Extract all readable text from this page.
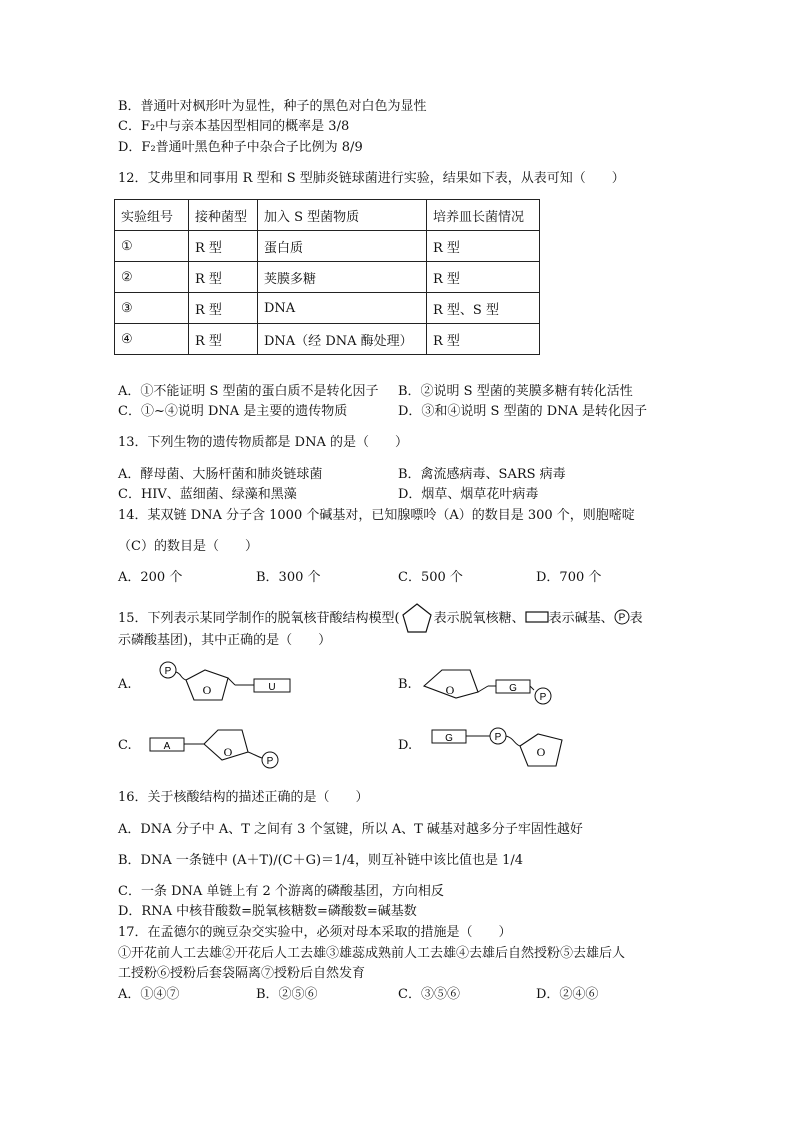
B．普通叶对枫形叶为显性，种子的黑色对白色为显性
C．F₂中与亲本基因型相同的概率是 3/8
D．F₂普通叶黑色种子中杂合子比例为 8/9
12．艾弗里和同事用 R 型和 S 型肺炎链球菌进行实验，结果如下表，从表可知（　　）
实验组号	接种菌型	加入 S 型菌物质	培养皿长菌情况
①	R 型	蛋白质	R 型
②	R 型	荚膜多糖	R 型
③	R 型	DNA	R 型、S 型
④	R 型	DNA（经 DNA 酶处理）	R 型
A．①不能证明 S 型菌的蛋白质不是转化因子 B．②说明 S 型菌的荚膜多糖有转化活性
C．①~④说明 DNA 是主要的遗传物质	D．③和④说明 S 型菌的 DNA 是转化因子
13．下列生物的遗传物质都是 DNA 的是（　　）
A．酵母菌、大肠杆菌和肺炎链球菌	B．禽流感病毒、SARS 病毒
C．HIV、蓝细菌、绿藻和黑藻	D．烟草、烟草花叶病毒
14．某双链 DNA 分子含 1000 个碱基对，已知腺嘌呤（A）的数目是 300 个，则胞嘧啶
（C）的数目是（　　）
A．200 个	B．300 个	C．500 个	D．700 个
15．下列表示某同学制作的脱氧核苷酸结构模型(	表示脱氧核糖、 表示碱基、 P 表
示磷酸基团)，其中正确的是（　　）
A.
P
O	U	B.	O	G
P
C.	A	O
P
D.	G	P
O
16．关于核酸结构的描述正确的是（　　）
A．DNA 分子中 A、T 之间有 3 个氢键，所以 A、T 碱基对越多分子牢固性越好
B．DNA 一条链中 (A＋T)/(C＋G)＝1/4，则互补链中该比值也是 1/4
C．一条 DNA 单链上有 2 个游离的磷酸基团，方向相反
D．RNA 中核苷酸数=脱氧核糖数=磷酸数=碱基数
17．在孟德尔的豌豆杂交实验中，必须对母本采取的措施是（　　）
①开花前人工去雄②开花后人工去雄③雄蕊成熟前人工去雄④去雄后自然授粉⑤去雄后人
工授粉⑥授粉后套袋隔离⑦授粉后自然发育
A．①④⑦	B．②⑤⑥	C．③⑤⑥	D．②④⑥
